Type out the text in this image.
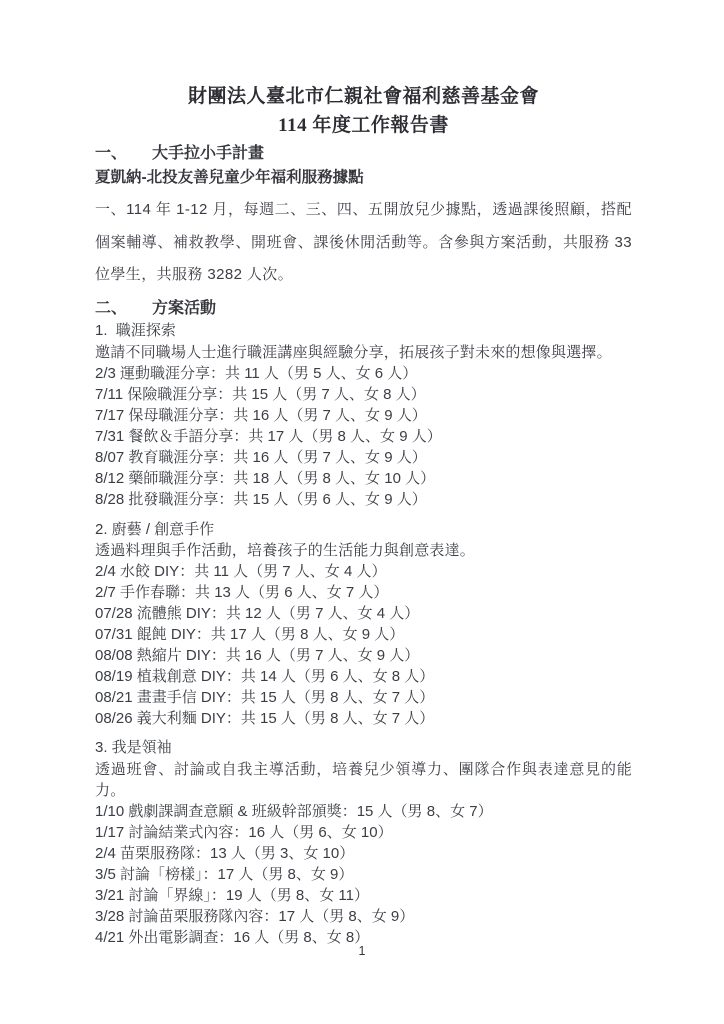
財團法人臺北市仁親社會福利慈善基金會
114 年度工作報告書
一、 大手拉小手計畫
夏凱納-北投友善兒童少年福利服務據點
一、114 年 1-12 月，每週二、三、四、五開放兒少據點，透過課後照顧，搭配個案輔導、補救教學、開班會、課後休閒活動等。含參與方案活動，共服務 33 位學生，共服務 3282 人次。
二、 方案活動
1.  職涯探索
邀請不同職場人士進行職涯講座與經驗分享，拓展孩子對未來的想像與選擇。
2/3 運動職涯分享：共 11 人（男 5 人、女 6 人）
7/11 保險職涯分享：共 15 人（男 7 人、女 8 人）
7/17 保母職涯分享：共 16 人（男 7 人、女 9 人）
7/31 餐飲＆手語分享：共 17 人（男 8 人、女 9 人）
8/07 教育職涯分享：共 16 人（男 7 人、女 9 人）
8/12 藥師職涯分享：共 18 人（男 8 人、女 10 人）
8/28 批發職涯分享：共 15 人（男 6 人、女 9 人）
2. 廚藝 / 創意手作
透過料理與手作活動，培養孩子的生活能力與創意表達。
2/4 水餃 DIY：共 11 人（男 7 人、女 4 人）
2/7 手作春聯：共 13 人（男 6 人、女 7 人）
07/28 流體熊 DIY：共 12 人（男 7 人、女 4 人）
07/31 餛飩 DIY：共 17 人（男 8 人、女 9 人）
08/08 熱縮片 DIY：共 16 人（男 7 人、女 9 人）
08/19 植栽創意 DIY：共 14 人（男 6 人、女 8 人）
08/21 畫畫手信 DIY：共 15 人（男 8 人、女 7 人）
08/26 義大利麵 DIY：共 15 人（男 8 人、女 7 人）
3. 我是領袖
透過班會、討論或自我主導活動，培養兒少領導力、團隊合作與表達意見的能力。
1/10 戲劇課調查意願 & 班級幹部頒獎：15 人（男 8、女 7）
1/17 討論結業式內容：16 人（男 6、女 10）
2/4 苗栗服務隊：13 人（男 3、女 10）
3/5 討論「榜樣」：17 人（男 8、女 9）
3/21 討論「界線」：19 人（男 8、女 11）
3/28 討論苗栗服務隊內容：17 人（男 8、女 9）
4/21 外出電影調查：16 人（男 8、女 8）
1
